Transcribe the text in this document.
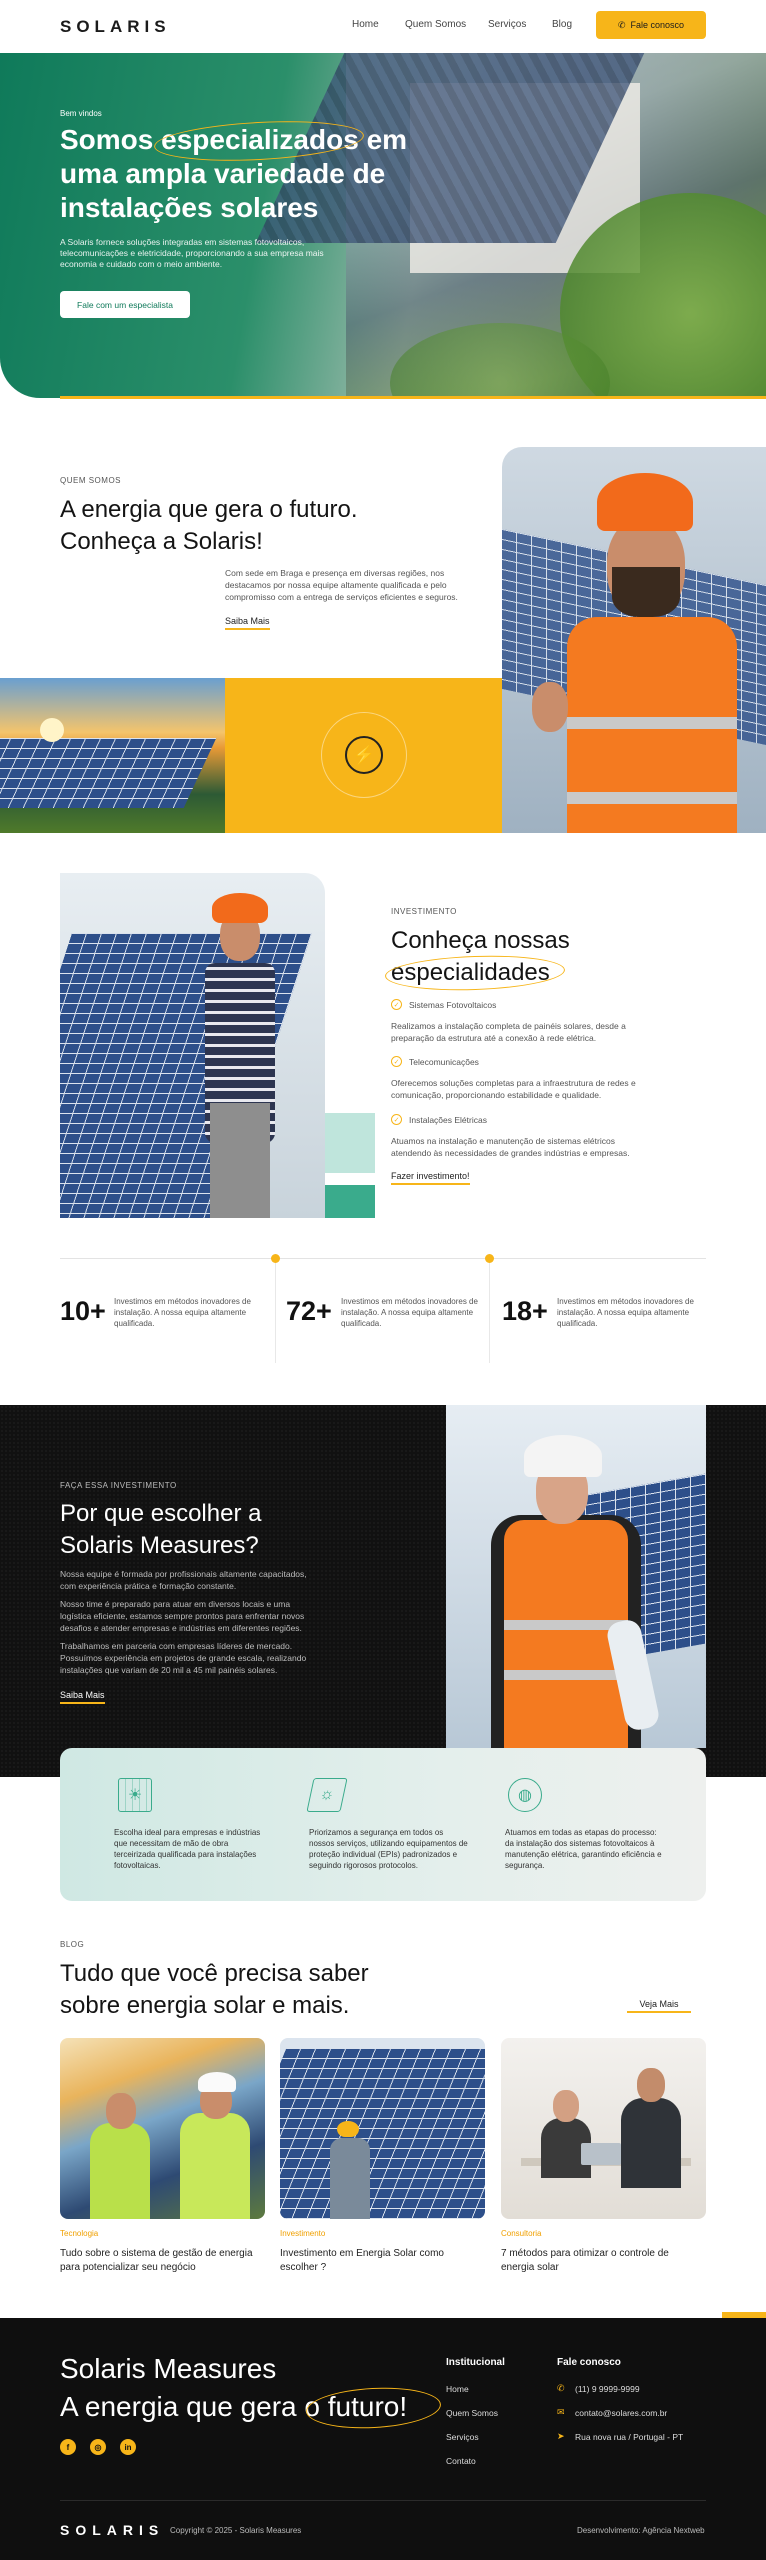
SOLARIS	Home	Quem Somos Serviços	Blog	✆ Fale conosco
Bem vindos
Somos especializados em
uma ampla variedade de
instalações solares
A Solaris fornece soluções integradas em sistemas fotovoltaicos, telecomunicações e eletricidade, proporcionando a sua empresa mais economia e cuidado com o meio ambiente.
Fale com um especialista
QUEM SOMOS
A energia que gera o futuro.
Conheça a Solaris!
Com sede em Braga e presença em diversas regiões, nos destacamos por nossa equipe altamente qualificada e pelo compromisso com a entrega de serviços eficientes e seguros.
Saiba Mais
⚡
INVESTIMENTO
Conheça nossas
especialidades
✓	Sistemas Fotovoltaicos
Realizamos a instalação completa de painéis solares, desde a preparação da estrutura até a conexão à rede elétrica.
✓	Telecomunicações
Oferecemos soluções completas para a infraestrutura de redes e comunicação, proporcionando estabilidade e qualidade.
✓	Instalações Elétricas
Atuamos na instalação e manutenção de sistemas elétricos atendendo às necessidades de grandes indústrias e empresas.
Fazer investimento!
10+ Investimos em métodos inovadores de instalação. A nossa equipa altamente qualificada.	72+ Investimos em métodos inovadores de instalação. A nossa equipa altamente qualificada.	18+ Investimos em métodos inovadores de instalação. A nossa equipa altamente qualificada.
FAÇA ESSA INVESTIMENTO
Por que escolher a
Solaris Measures?
Nossa equipe é formada por profissionais altamente capacitados, com experiência prática e formação constante.
Nosso time é preparado para atuar em diversos locais e uma logística eficiente, estamos sempre prontos para enfrentar novos desafios e atender empresas e indústrias em diferentes regiões.
Trabalhamos em parceria com empresas líderes de mercado. Possuímos experiência em projetos de grande escala, realizando instalações que variam de 20 mil a 45 mil painéis solares.
Saiba Mais
☀
Escolha ideal para empresas e indústrias que necessitam de mão de obra terceirizada qualificada para instalações fotovoltaicas.
☼
Priorizamos a segurança em todos os nossos serviços, utilizando equipamentos de proteção individual (EPIs) padronizados e seguindo rigorosos protocolos.
◍
Atuamos em todas as etapas do processo: da instalação dos sistemas fotovoltaicos à manutenção elétrica, garantindo eficiência e segurança.
BLOG
Tudo que você precisa saber
sobre energia solar e mais.	Veja Mais
Tecnologia
Tudo sobre o sistema de gestão de energia para potencializar seu negócio
Investimento
Investimento em Energia Solar como escolher ?
Consultoria
7 métodos para otimizar o controle de energia solar
Solaris Measures
A energia que gera o futuro!
f	◎	in
Institucional
Home
Quem Somos
Serviços
Contato
Fale conosco
✆ (11) 9 9999-9999
✉ contato@solares.com.br
➤ Rua nova rua / Portugal - PT
SOLARIS Copyright © 2025 - Solaris Measures	Desenvolvimento: Agência Nextweb
